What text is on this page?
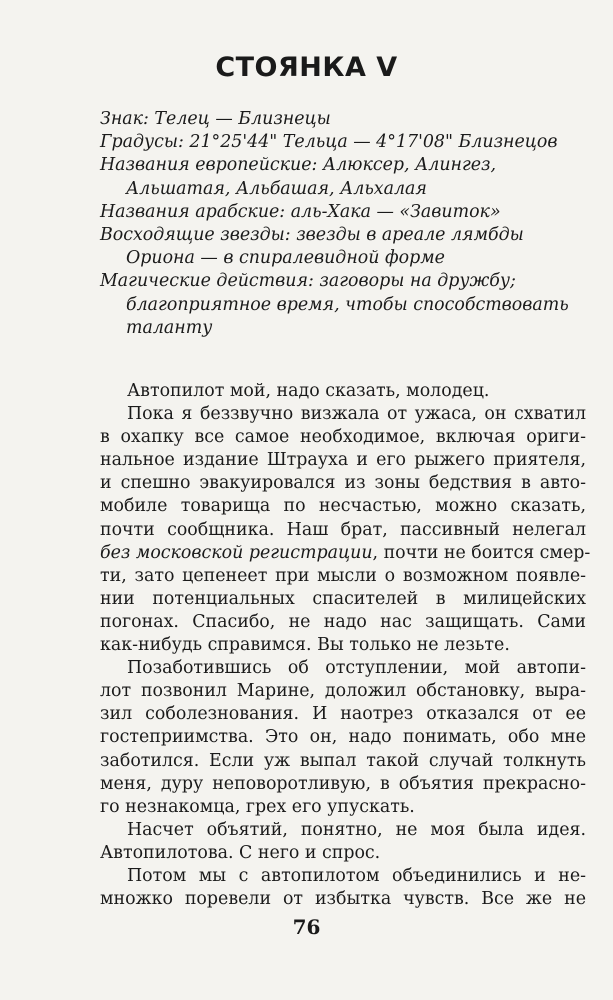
СТОЯНКА V
Знак: Телец — Близнецы
Градусы: 21°25'44" Тельца — 4°17'08" Близнецов
Названия европейские: Алюксер, Алингез,
Альшатая, Альбашая, Альхалая
Названия арабские: аль-Хака — «Завиток»
Восходящие звезды: звезды в ареале лямбды
Ориона — в спиралевидной форме
Магические действия: заговоры на дружбу;
благоприятное время, чтобы способствовать
таланту
Автопилот мой, надо сказать, молодец.
Пока я беззвучно визжала от ужаса, он схватил
в охапку все самое необходимое, включая ориги-
нальное издание Штрауха и его рыжего приятеля,
и спешно эвакуировался из зоны бедствия в авто-
мобиле товарища по несчастью, можно сказать,
почти сообщника. Наш брат, пассивный нелегал
без московской регистрации, почти не боится смер-
ти, зато цепенеет при мысли о возможном появле-
нии потенциальных спасителей в милицейских
погонах. Спасибо, не надо нас защищать. Сами
как-нибудь справимся. Вы только не лезьте.
Позаботившись об отступлении, мой автопи-
лот позвонил Марине, доложил обстановку, выра-
зил соболезнования. И наотрез отказался от ее
гостеприимства. Это он, надо понимать, обо мне
заботился. Если уж выпал такой случай толкнуть
меня, дуру неповоротливую, в объятия прекрасно-
го незнакомца, грех его упускать.
Насчет объятий, понятно, не моя была идея.
Автопилотова. С него и спрос.
Потом мы с автопилотом объединились и не-
множко поревели от избытка чувств. Все же не
76
